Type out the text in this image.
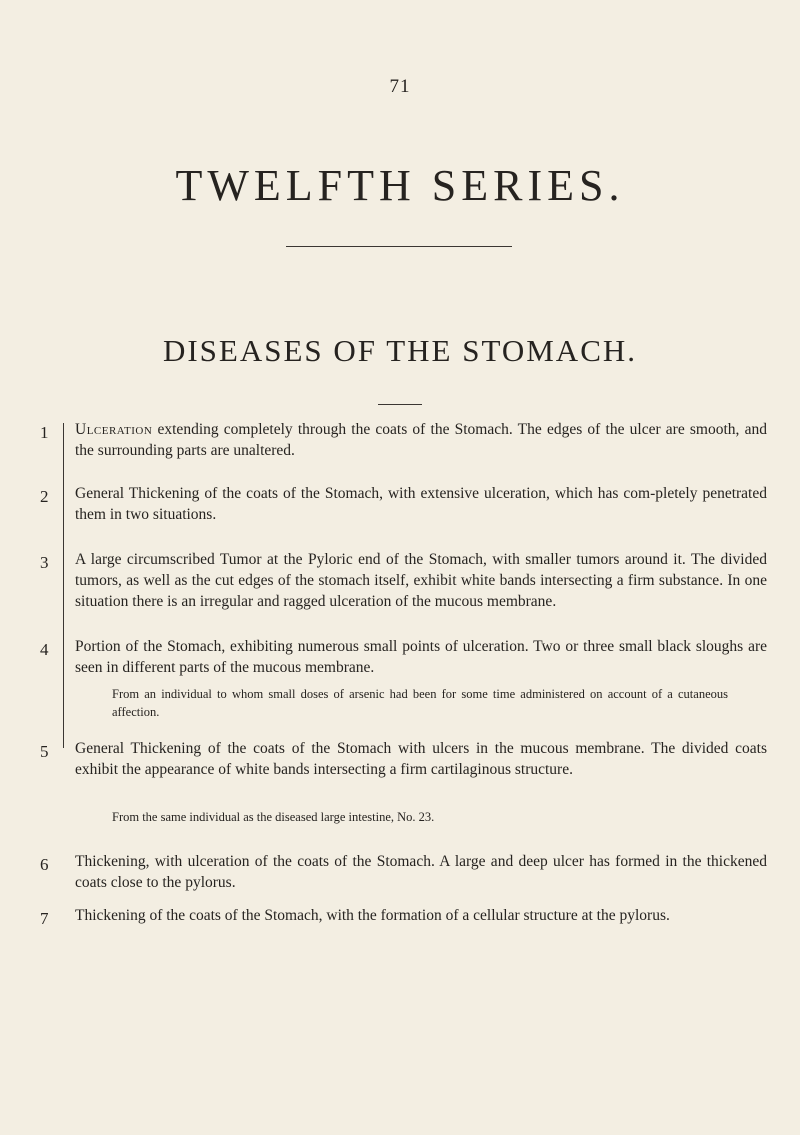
71
TWELFTH SERIES.
DISEASES OF THE STOMACH.
1 Ulceration extending completely through the coats of the Stomach. The edges of the ulcer are smooth, and the surrounding parts are unaltered.
2 General Thickening of the coats of the Stomach, with extensive ulceration, which has com-pletely penetrated them in two situations.
3 A large circumscribed Tumor at the Pyloric end of the Stomach, with smaller tumors around it. The divided tumors, as well as the cut edges of the stomach itself, exhibit white bands intersecting a firm substance. In one situation there is an irregular and ragged ulceration of the mucous membrane.
4 Portion of the Stomach, exhibiting numerous small points of ulceration. Two or three small black sloughs are seen in different parts of the mucous membrane.
From an individual to whom small doses of arsenic had been for some time administered on account of a cutaneous affection.
5 General Thickening of the coats of the Stomach with ulcers in the mucous membrane. The divided coats exhibit the appearance of white bands intersecting a firm cartilaginous structure.
From the same individual as the diseased large intestine, No. 23.
6 Thickening, with ulceration of the coats of the Stomach. A large and deep ulcer has formed in the thickened coats close to the pylorus.
7 Thickening of the coats of the Stomach, with the formation of a cellular structure at the pylorus.
